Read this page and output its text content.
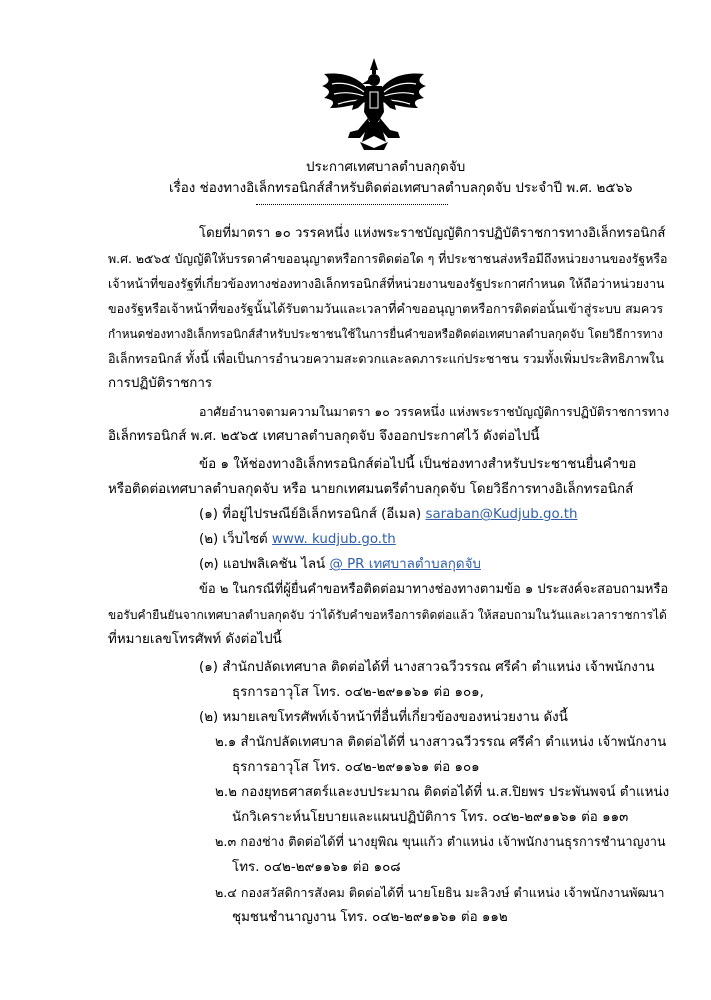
ประกาศเทศบาลตำบลกุดจับ
เรื่อง ช่องทางอิเล็กทรอนิกส์สำหรับติดต่อเทศบาลตำบลกุดจับ ประจำปี พ.ศ. ๒๕๖๖
โดยที่มาตรา ๑๐ วรรคหนึ่ง แห่งพระราชบัญญัติการปฏิบัติราชการทางอิเล็กทรอนิกส์
พ.ศ. ๒๕๖๕ บัญญัติให้บรรดาคำขออนุญาตหรือการติดต่อใด ๆ ที่ประชาชนส่งหรือมีถึงหน่วยงานของรัฐหรือ
เจ้าหน้าที่ของรัฐที่เกี่ยวข้องทางช่องทางอิเล็กทรอนิกส์ที่หน่วยงานของรัฐประกาศกำหนด ให้ถือว่าหน่วยงาน
ของรัฐหรือเจ้าหน้าที่ของรัฐนั้นได้รับตามวันและเวลาที่คำขออนุญาตหรือการติดต่อนั้นเข้าสู่ระบบ สมควร
กำหนดช่องทางอิเล็กทรอนิกส์สำหรับประชาชนใช้ในการยื่นคำขอหรือติดต่อเทศบาลตำบลกุดจับ โดยวิธีการทาง
อิเล็กทรอนิกส์ ทั้งนี้ เพื่อเป็นการอำนวยความสะดวกและลดภาระแก่ประชาชน รวมทั้งเพิ่มประสิทธิภาพใน
การปฏิบัติราชการ
อาศัยอำนาจตามความในมาตรา ๑๐ วรรคหนึ่ง แห่งพระราชบัญญัติการปฏิบัติราชการทาง
อิเล็กทรอนิกส์ พ.ศ. ๒๕๖๕ เทศบาลตำบลกุดจับ จึงออกประกาศไว้ ดังต่อไปนี้
ข้อ ๑ ให้ช่องทางอิเล็กทรอนิกส์ต่อไปนี้ เป็นช่องทางสำหรับประชาชนยื่นคำขอ
หรือติดต่อเทศบาลตำบลกุดจับ หรือ นายกเทศมนตรีตำบลกุดจับ โดยวิธีการทางอิเล็กทรอนิกส์
(๑) ที่อยู่ไปรษณีย์อิเล็กทรอนิกส์ (อีเมล) saraban@Kudjub.go.th
(๒) เว็บไซต์ www. kudjub.go.th
(๓) แอปพลิเคชัน ไลน์ @ PR เทศบาลตำบลกุดจับ
ข้อ ๒ ในกรณีที่ผู้ยื่นคำขอหรือติดต่อมาทางช่องทางตามข้อ ๑ ประสงค์จะสอบถามหรือ
ขอรับคำยืนยันจากเทศบาลตำบลกุดจับ ว่าได้รับคำขอหรือการติดต่อแล้ว ให้สอบถามในวันและเวลาราชการได้
ที่หมายเลขโทรศัพท์ ดังต่อไปนี้
(๑) สำนักปลัดเทศบาล ติดต่อได้ที่ นางสาวฉวีวรรณ ศรีคำ ตำแหน่ง เจ้าพนักงาน
ธุรการอาวุโส โทร. ๐๔๒-๒๙๑๑๖๑ ต่อ ๑๐๑,
(๒) หมายเลขโทรศัพท์เจ้าหน้าที่อื่นที่เกี่ยวข้องของหน่วยงาน ดังนี้
๒.๑ สำนักปลัดเทศบาล ติดต่อได้ที่ นางสาวฉวีวรรณ ศรีคำ ตำแหน่ง เจ้าพนักงาน
ธุรการอาวุโส โทร. ๐๔๒-๒๙๑๑๖๑ ต่อ ๑๐๑
๒.๒ กองยุทธศาสตร์และงบประมาณ ติดต่อได้ที่ น.ส.ปิยพร ประพันพจน์ ตำแหน่ง
นักวิเคราะห์นโยบายและแผนปฏิบัติการ โทร. ๐๔๒-๒๙๑๑๖๑ ต่อ ๑๑๓
๒.๓ กองช่าง ติดต่อได้ที่ นางยุพิณ ขุนแก้ว ตำแหน่ง เจ้าพนักงานธุรการชำนาญงาน
โทร. ๐๔๒-๒๙๑๑๖๑ ต่อ ๑๐๘
๒.๔ กองสวัสดิการสังคม ติดต่อได้ที่ นายโยธิน มะลิวงษ์ ตำแหน่ง เจ้าพนักงานพัฒนา
ชุมชนชำนาญงาน โทร. ๐๔๒-๒๙๑๑๖๑ ต่อ ๑๑๒
